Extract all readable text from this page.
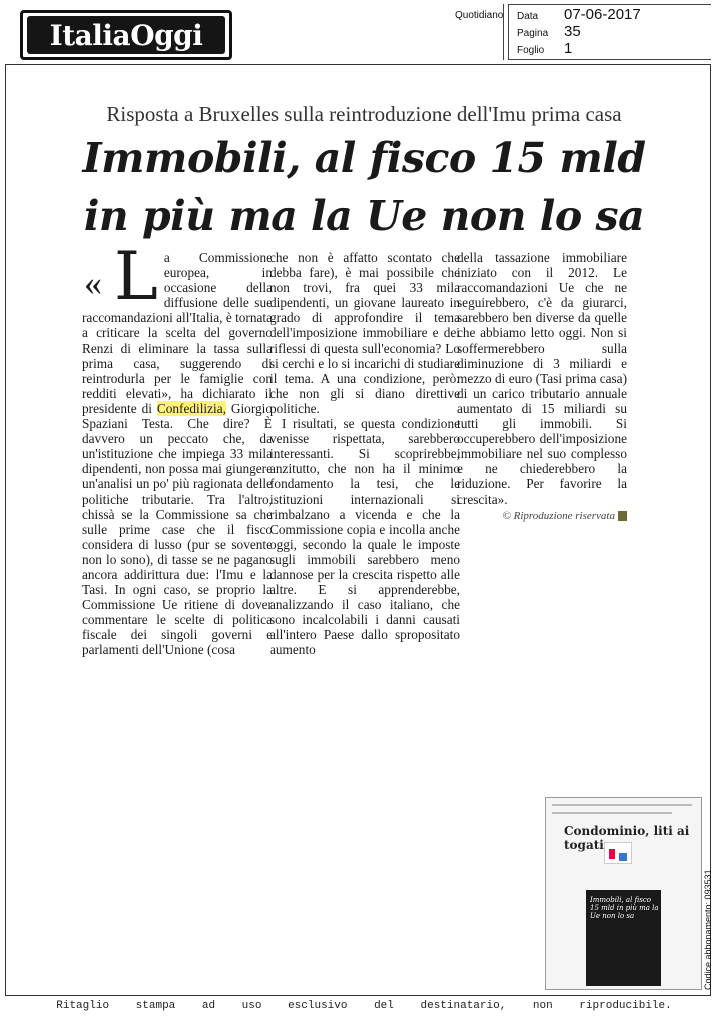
ItaliaOggi
Quotidiano Data 07-06-2017
Pagina 35
Foglio 1
Risposta a Bruxelles sulla reintroduzione dell'Imu prima casa
Immobili, al fisco 15 mld
in più ma la Ue non lo sa
« L a Commissione europea, in occasione della diffusione delle sue raccomandazioni all'Italia, è tornata a criticare la scelta del governo Renzi di eliminare la tassa sulla prima casa, suggerendo di reintrodurla per le famiglie con redditi elevati», ha dichiarato il presidente di Confedilizia, Giorgio Spaziani Testa. Che dire? È davvero un peccato che, da un'istituzione che impiega 33 mila dipendenti, non possa mai giungere un'analisi un po' più ragionata delle politiche tributarie. Tra l'altro, chissà se la Commissione sa che sulle prime case che il fisco considera di lusso (pur se sovente non lo sono), di tasse se ne pagano ancora addirittura due: l'Imu e la Tasi. In ogni caso, se proprio la Commissione Ue ritiene di dover commentare le scelte di politica fiscale dei singoli governi e parlamenti dell'Unione (cosa

che non è affatto scontato che debba fare), è mai possibile che non trovi, fra quei 33 mila dipendenti, un giovane laureato in grado di approfondire il tema dell'imposizione immobiliare e dei riflessi di questa sull'economia? Lo si cerchi e lo si incarichi di studiare il tema. A una condizione, però: che non gli si diano direttive politiche.

I risultati, se questa condizione venisse rispettata, sarebbero interessanti. Si scoprirebbe, anzitutto, che non ha il minimo fondamento la tesi, che le istituzioni internazionali si rimbalzano a vicenda e che la Commissione copia e incolla anche oggi, secondo la quale le imposte sugli immobili sarebbero meno dannose per la crescita rispetto alle altre. E si apprenderebbe, analizzando il caso italiano, che sono incalcolabili i danni causati all'intero Paese dallo spropositato aumento

della tassazione immobiliare iniziato con il 2012. Le raccomandazioni Ue che ne seguirebbero, c'è da giurarci, sarebbero ben diverse da quelle che abbiamo letto oggi. Non si soffermerebbero sulla diminuzione di 3 miliardi e mezzo di euro (Tasi prima casa) di un carico tributario annuale aumentato di 15 miliardi su tutti gli immobili. Si occuperebbero dell'imposizione immobiliare nel suo complesso e ne chiederebbero la riduzione. Per favorire la crescita».

© Riproduzione riservata
Condominio, liti ai togati
Immobili, al fisco 15 mld in più ma la Ue non lo sa	Codice abbonamento: 093531
Ritaglio stampa ad uso esclusivo del destinatario, non riproducibile.
